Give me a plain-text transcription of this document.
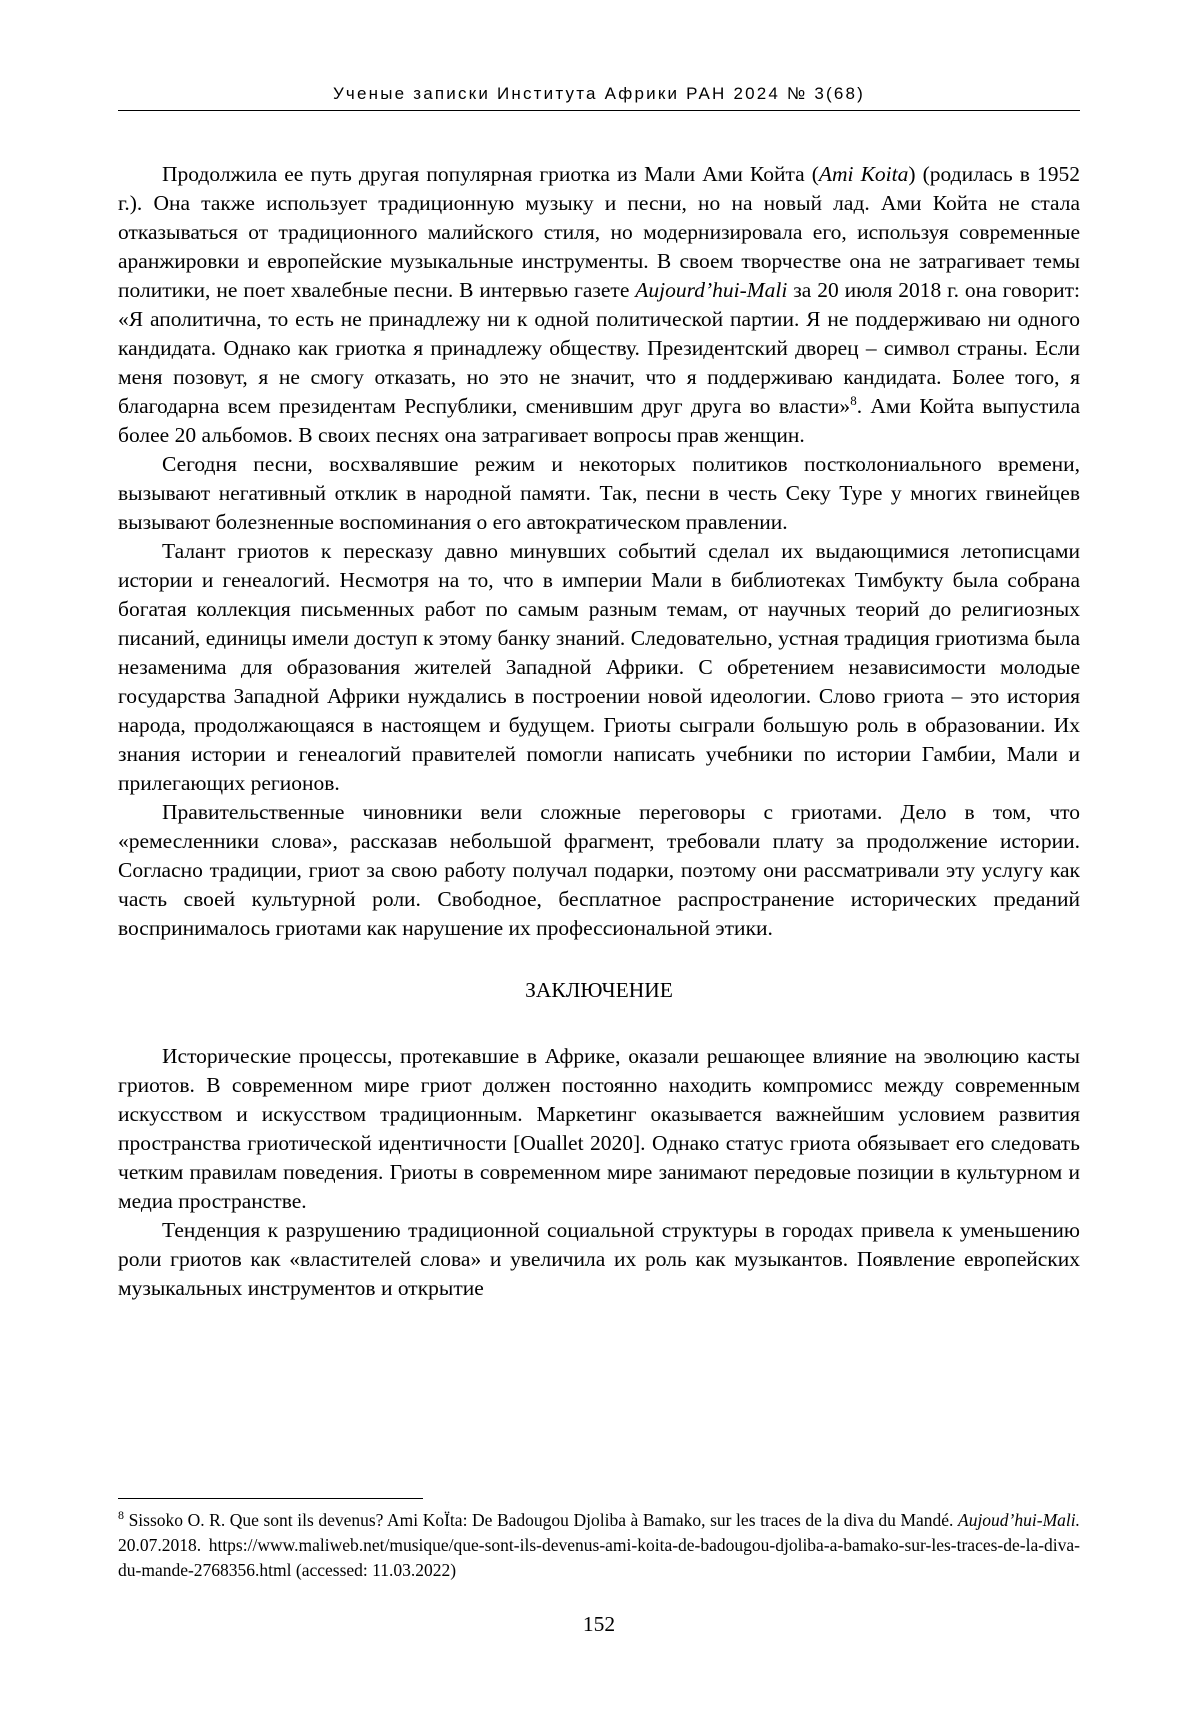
Ученые записки Института Африки РАН 2024 № 3(68)

Продолжила ее путь другая популярная гриотка из Мали Ами Койта (Ami Koita) (родилась в 1952 г.). Она также использует традиционную музыку и песни, но на новый лад. Ами Койта не стала отказываться от традиционного малийского стиля, но модернизировала его, используя современные аранжировки и европейские музыкальные инструменты. В своем творчестве она не затрагивает темы политики, не поет хвалебные песни. В интервью газете Aujourd’hui-Mali за 20 июля 2018 г. она говорит: «Я аполитична, то есть не принадлежу ни к одной политической партии. Я не поддерживаю ни одного кандидата. Однако как гриотка я принадлежу обществу. Президентский дворец – символ страны. Если меня позовут, я не смогу отказать, но это не значит, что я поддерживаю кандидата. Более того, я благодарна всем президентам Республики, сменившим друг друга во власти»$^8$. Ами Койта выпустила более 20 альбомов. В своих песнях она затрагивает вопросы прав женщин.

Сегодня песни, восхвалявшие режим и некоторых политиков постколониального времени, вызывают негативный отклик в народной памяти. Так, песни в честь Секу Туре у многих гвинейцев вызывают болезненные воспоминания о его автократическом правлении.

Талант гриотов к пересказу давно минувших событий сделал их выдающимися летописцами истории и генеалогий. Несмотря на то, что в империи Мали в библиотеках Тимбукту была собрана богатая коллекция письменных работ по самым разным темам, от научных теорий до религиозных писаний, единицы имели доступ к этому банку знаний. Следовательно, устная традиция гриотизма была незаменима для образования жителей Западной Африки. С обретением независимости молодые государства Западной Африки нуждались в построении новой идеологии. Слово гриота – это история народа, продолжающаяся в настоящем и будущем. Гриоты сыграли большую роль в образовании. Их знания истории и генеалогий правителей помогли написать учебники по истории Гамбии, Мали и прилегающих регионов.

Правительственные чиновники вели сложные переговоры с гриотами. Дело в том, что «ремесленники слова», рассказав небольшой фрагмент, требовали плату за продолжение истории. Согласно традиции, гриот за свою работу получал подарки, поэтому они рассматривали эту услугу как часть своей культурной роли. Свободное, бесплатное распространение исторических преданий воспринималось гриотами как нарушение их профессиональной этики.

ЗАКЛЮЧЕНИЕ

Исторические процессы, протекавшие в Африке, оказали решающее влияние на эволюцию касты гриотов. В современном мире гриот должен постоянно находить компромисс между современным искусством и искусством традиционным. Маркетинг оказывается важнейшим условием развития пространства гриотической идентичности [Ouallet 2020]. Однако статус гриота обязывает его следовать четким правилам поведения. Гриоты в современном мире занимают передовые позиции в культурном и медиа пространстве.

Тенденция к разрушению традиционной социальной структуры в городах привела к уменьшению роли гриотов как «властителей слова» и увеличила их роль как музыкантов. Появление европейских музыкальных инструментов и открытие

$^8$ Sissoko O. R. Que sont ils devenus? Ami KoÏta: De Badougou Djoliba à Bamako, sur les traces de la diva du Mandé. Aujoud’hui-Mali. 20.07.2018. https://www.maliweb.net/musique/que-sont-ils-devenus-ami-koita-de-badougou-djoliba-a-bamako-sur-les-traces-de-la-diva-du-mande-2768356.html (accessed: 11.03.2022)

152
